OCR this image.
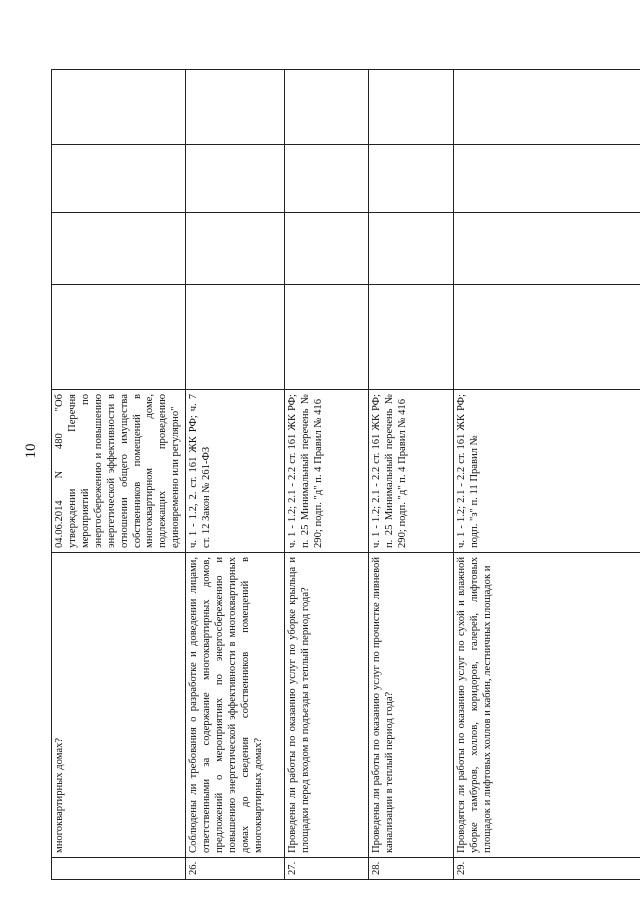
10
	многоквартирных домах?	04.06.2014 N 480 "Об утверждении Перечня мероприятий по энергосбережению и повышению энергетической эффективности в отношении общего имущества собственников помещений в многоквартирном доме, подлежащих проведению единовременно или регулярно"				
26.	Соблюдены ли требования о разработке и доведении лицами, ответственными за содержание многоквартирных домов, предложений о мероприятиях по энергосбережению и повышению энергетической эффективности в многоквартирных домах до сведения собственников помещений в многоквартирных домах?	ч. 1 - 1.2, 2. ст. 161 ЖК РФ; ч. 7 ст. 12 Закон № 261-ФЗ				
27.	Проведены ли работы по оказанию услуг по уборке крыльца и площадки перед входом в подъезды в теплый период года?	ч. 1 - 1.2; 2.1 - 2.2 ст. 161 ЖК РФ; п. 25 Минимальный перечень № 290; подп. "д" п. 4 Правил № 416				
28.	Проведены ли работы по оказанию услуг по прочистке ливневой канализации в теплый период года?	ч. 1 - 1.2; 2.1 - 2.2 ст. 161 ЖК РФ; п. 25 Минимальный перечень № 290; подп. "д" п. 4 Правил № 416				
29.	Проводятся ли работы по оказанию услуг по сухой и влажной уборке тамбуров, холлов, коридоров, галерей, лифтовых площадок и лифтовых холлов и кабин, лестничных площадок и	ч. 1 - 1.2; 2.1 - 2.2 ст. 161 ЖК РФ; подп. "з" п. 11 Правил №				
